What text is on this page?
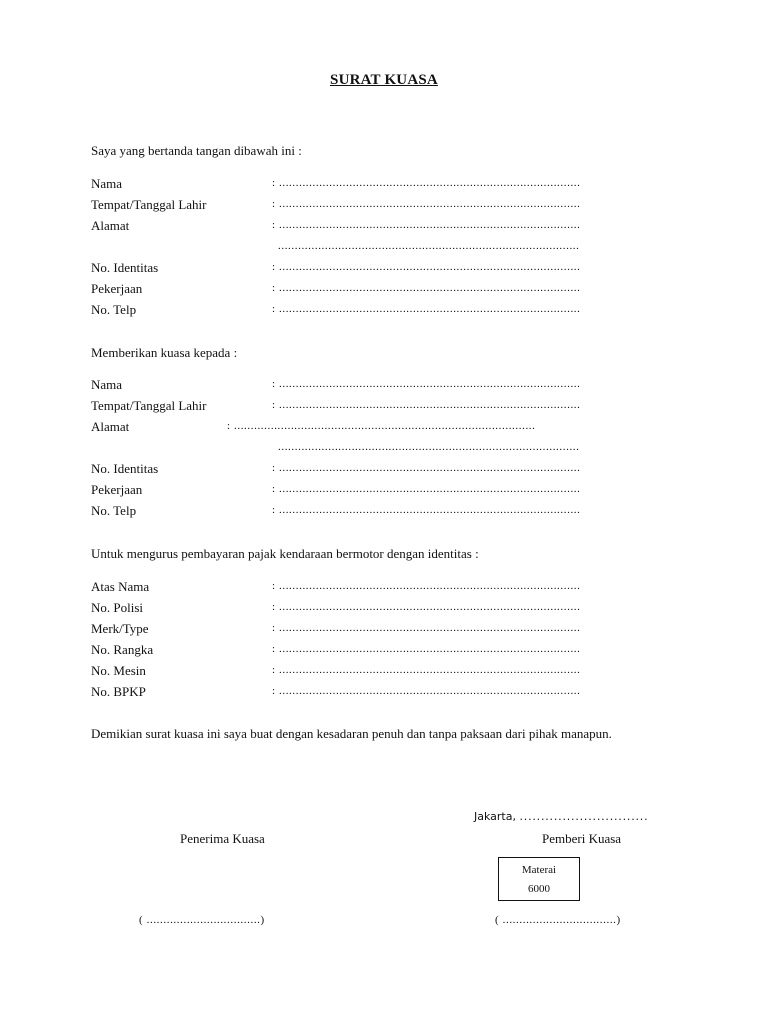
SURAT KUASA
Saya yang bertanda tangan dibawah ini :
Nama	: ..........................................................................................
Tempat/Tanggal Lahir	: ..........................................................................................
Alamat	: ..........................................................................................
..........................................................................................
No. Identitas	: ..........................................................................................
Pekerjaan	: ..........................................................................................
No. Telp	: ..........................................................................................
Memberikan kuasa kepada :
Nama	: ..........................................................................................
Tempat/Tanggal Lahir	: ..........................................................................................
Alamat	: ..........................................................................................
..........................................................................................
No. Identitas	: ..........................................................................................
Pekerjaan	: ..........................................................................................
No. Telp	: ..........................................................................................
Untuk mengurus pembayaran pajak kendaraan bermotor dengan identitas :
Atas Nama	: ..........................................................................................
No. Polisi	: ..........................................................................................
Merk/Type	: ..........................................................................................
No. Rangka	: ..........................................................................................
No. Mesin	: ..........................................................................................
No. BPKP	: ..........................................................................................
Demikian surat kuasa ini saya buat dengan kesadaran penuh dan tanpa paksaan dari pihak manapun.
Jakarta, ..............................
Penerima Kuasa	Pemberi Kuasa
Materai
6000
( ..................................)	( ..................................)
